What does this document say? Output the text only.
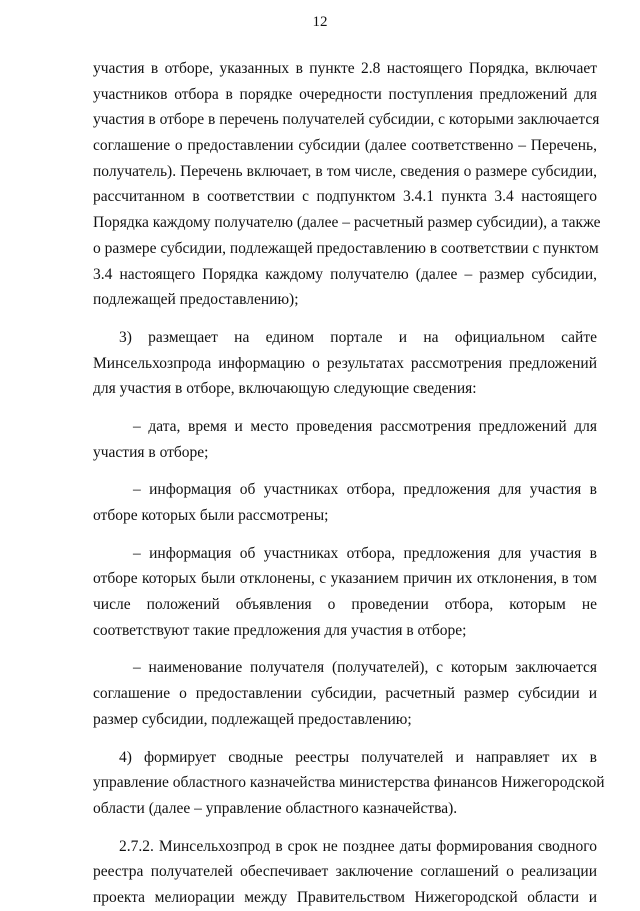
12
участия в отборе, указанных в пункте 2.8 настоящего Порядка, включает
участников отбора в порядке очередности поступления предложений для
участия в отборе в перечень получателей субсидии, с которыми заключается
соглашение о предоставлении субсидии (далее соответственно – Перечень,
получатель). Перечень включает, в том числе, сведения о размере субсидии,
рассчитанном в соответствии с подпунктом 3.4.1 пункта 3.4 настоящего
Порядка каждому получателю (далее – расчетный размер субсидии), а также
о размере субсидии, подлежащей предоставлению в соответствии с пунктом
3.4 настоящего Порядка каждому получателю (далее – размер субсидии,
подлежащей предоставлению);
3) размещает на едином портале и на официальном сайте
Минсельхозпрода информацию о результатах рассмотрения предложений
для участия в отборе, включающую следующие сведения:
– дата, время и место проведения рассмотрения предложений для
участия в отборе;
– информация об участниках отбора, предложения для участия в
отборе которых были рассмотрены;
– информация об участниках отбора, предложения для участия в
отборе которых были отклонены, с указанием причин их отклонения, в том
числе положений объявления о проведении отбора, которым не
соответствуют такие предложения для участия в отборе;
– наименование получателя (получателей), с которым заключается
соглашение о предоставлении субсидии, расчетный размер субсидии и
размер субсидии, подлежащей предоставлению;
4) формирует сводные реестры получателей и направляет их в
управление областного казначейства министерства финансов Нижегородской
области (далее – управление областного казначейства).
2.7.2. Минсельхозпрод в срок не позднее даты формирования сводного
реестра получателей обеспечивает заключение соглашений о реализации
проекта мелиорации между Правительством Нижегородской области и
